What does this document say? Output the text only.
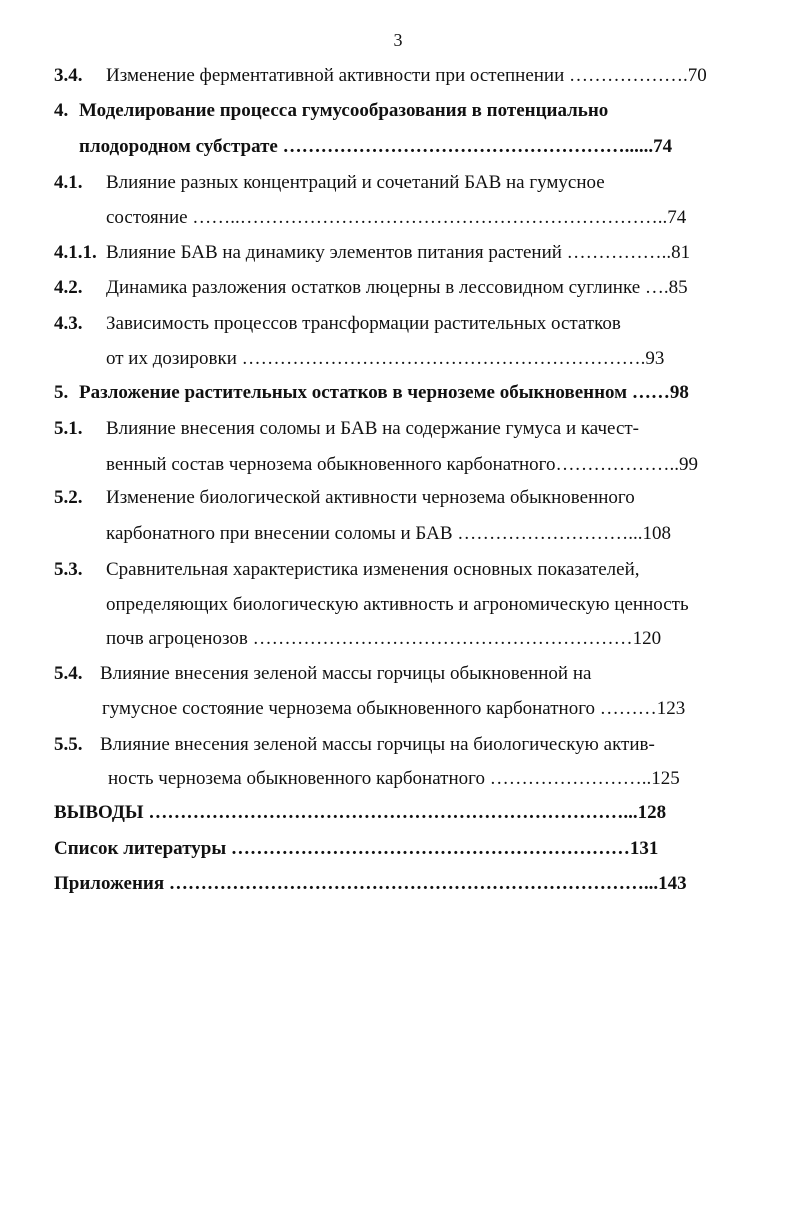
3
3.4. Изменение ферментативной активности при остепнении ……………….70
4. Моделирование процесса гумусообразования в потенциально
плодородном субстрате ………………………………………………......74
4.1. Влияние разных концентраций и сочетаний БАВ на гумусное
состояние ……..…………………………………………………………..74
4.1.1. Влияние БАВ на динамику элементов питания растений ……………..81
4.2. Динамика разложения остатков люцерны в лессовидном суглинке ….85
4.3. Зависимость процессов трансформации растительных остатков
от их дозировки ……………………………………………………….93
5. Разложение растительных остатков в черноземе обыкновенном ……98
5.1. Влияние внесения соломы и БАВ на содержание гумуса и качест-
венный состав чернозема обыкновенного карбонатного………………..99
5.2. Изменение биологической активности чернозема обыкновенного
карбонатного при внесении соломы и БАВ ………………………...108
5.3. Сравнительная характеристика изменения основных показателей,
определяющих биологическую активность и агрономическую ценность
почв агроценозов ……………………………………………………120
5.4. Влияние внесения зеленой массы горчицы обыкновенной на
гумусное состояние чернозема обыкновенного карбонатного ………123
5.5. Влияние внесения зеленой массы горчицы на биологическую актив-
ность чернозема обыкновенного карбонатного ……………………..125
ВЫВОДЫ …………………………………………………………………...128
Список литературы ………………………………………………………131
Приложения …………………………………………………………………...143
